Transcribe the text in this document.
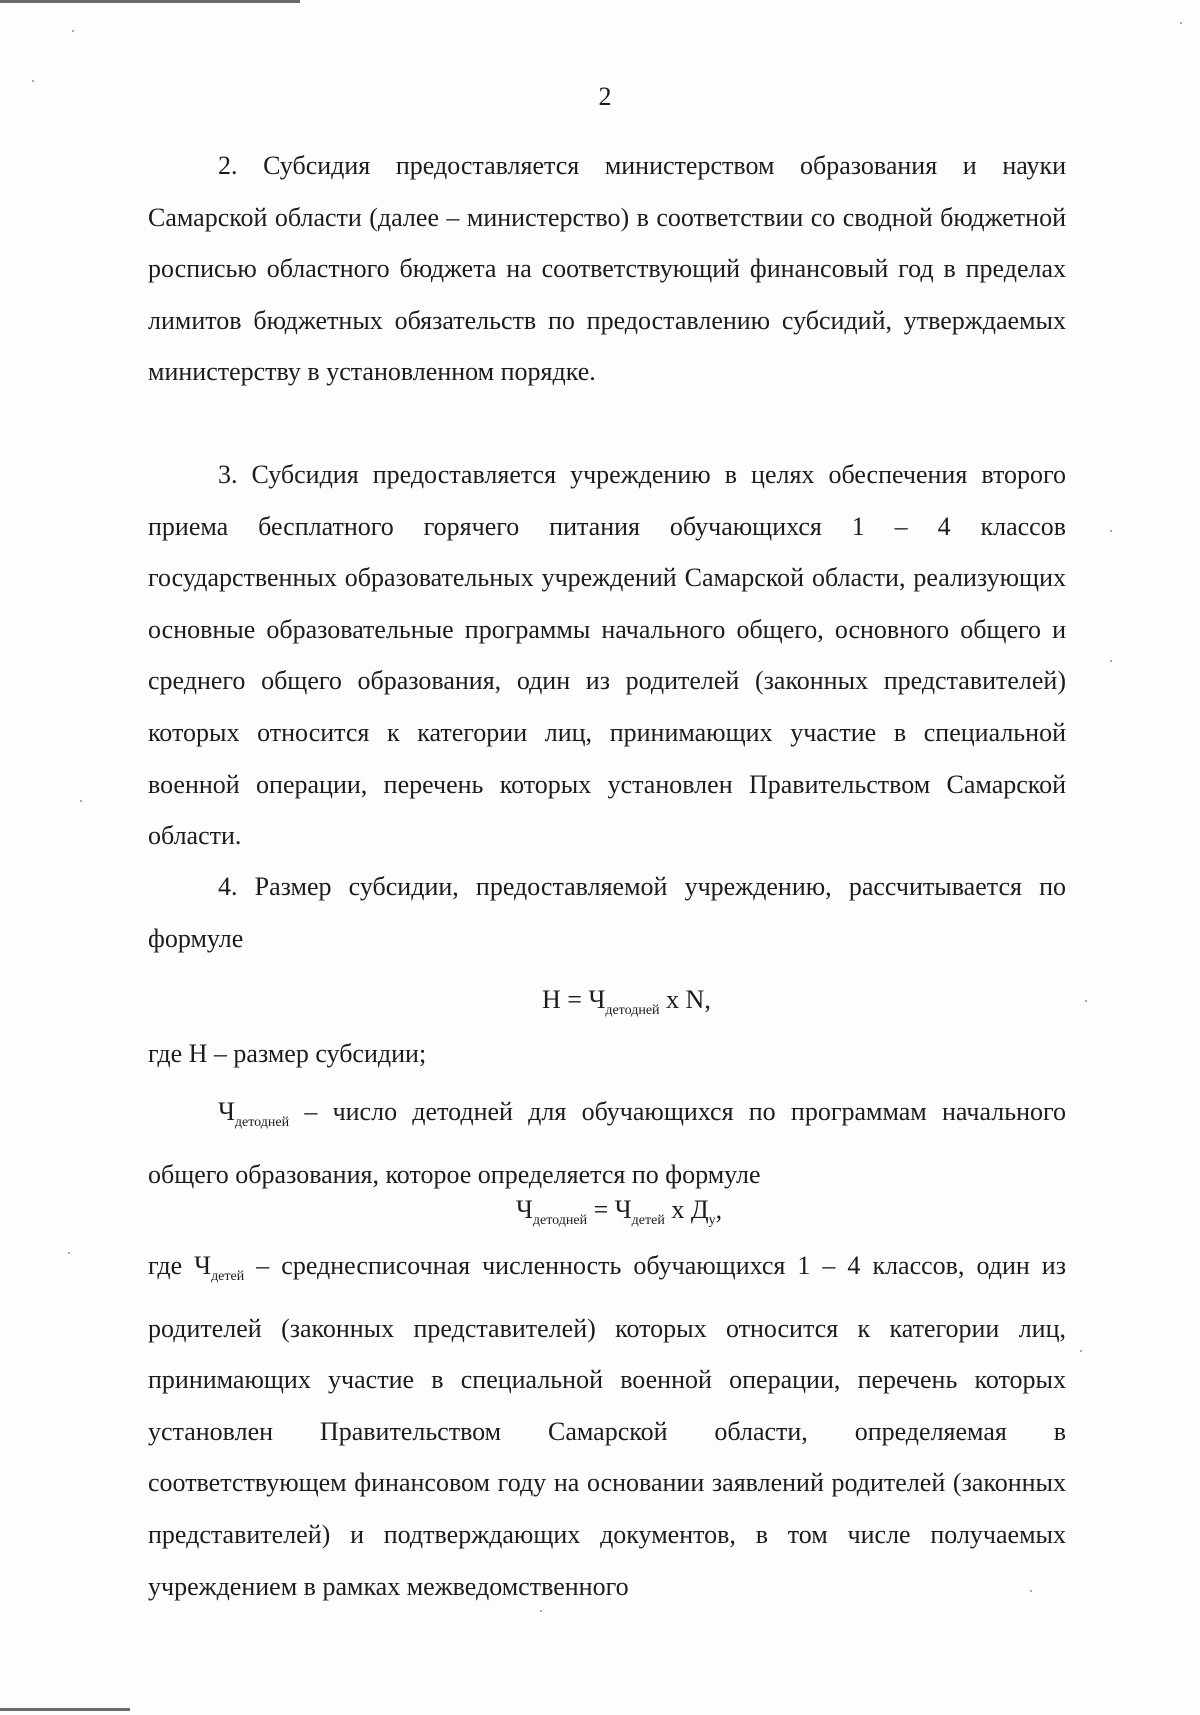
2

2. Субсидия предоставляется министерством образования и науки Самарской области (далее – министерство) в соответствии со сводной бюджетной росписью областного бюджета на соответствующий финансовый год в пределах лимитов бюджетных обязательств по предоставлению субсидий, утверждаемых министерству в установленном порядке.

3. Субсидия предоставляется учреждению в целях обеспечения второго приема бесплатного горячего питания обучающихся 1 – 4 классов государственных образовательных учреждений Самарской области, реализующих основные образовательные программы начального общего, основного общего и среднего общего образования, один из родителей (законных представителей) которых относится к категории лиц, принимающих участие в специальной военной операции, перечень которых установлен Правительством Самарской области.

4. Размер субсидии, предоставляемой учреждению, рассчитывается по формуле

$H = Ч_{детодней}$ x N,
где H – размер субсидии;

$Ч_{детодней}$ – число детодней для обучающихся по программам начального общего образования, которое определяется по формуле

$Ч_{детодней} = Ч_{детей}$ x $Д_у$,

где $Ч_{детей}$ – среднесписочная численность обучающихся 1 – 4 классов, один из родителей (законных представителей) которых относится к категории лиц, принимающих участие в специальной военной операции, перечень которых установлен Правительством Самарской области, определяемая в соответствующем финансовом году на основании заявлений родителей (законных представителей) и подтверждающих документов, в том числе получаемых учреждением в рамках межведомственного
